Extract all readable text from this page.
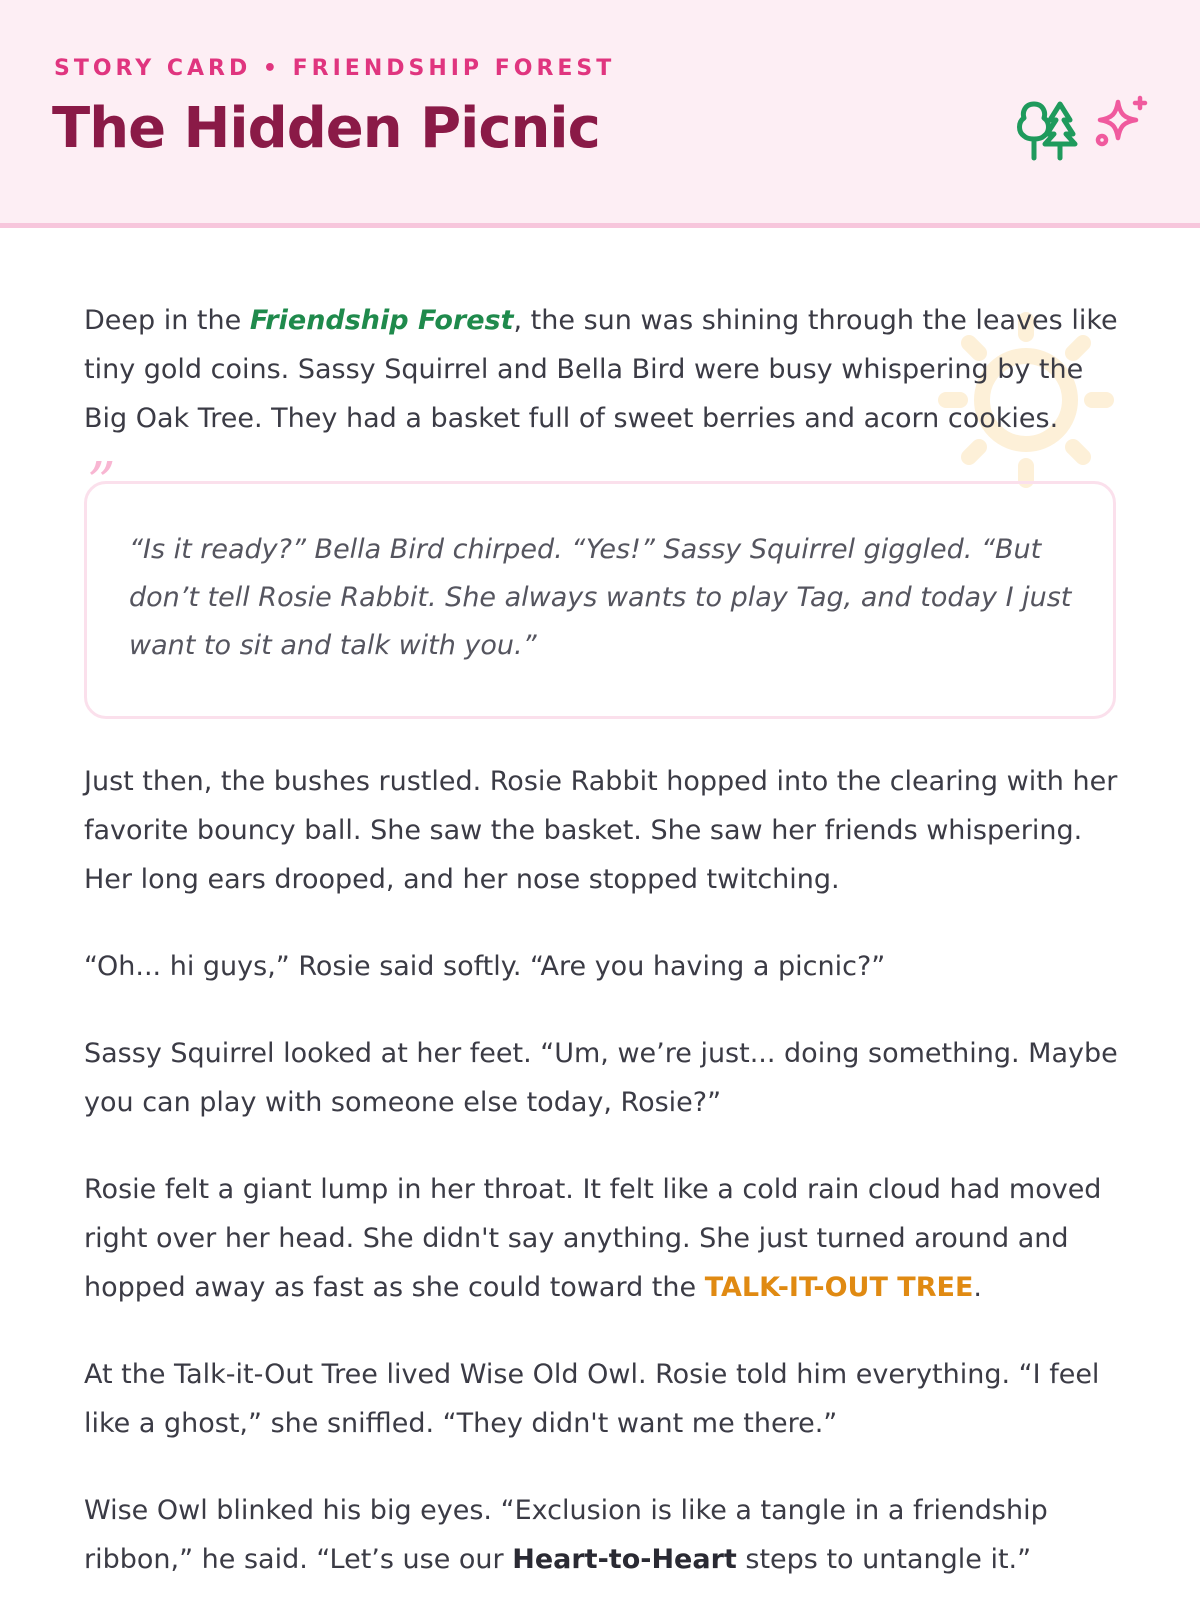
STORY CARD • FRIENDSHIP FOREST
The Hidden Picnic

Deep in the Friendship Forest, the sun was shining through the leaves like tiny gold coins. Sassy Squirrel and Bella Bird were busy whispering by the Big Oak Tree. They had a basket full of sweet berries and acorn cookies.

”

“Is it ready?” Bella Bird chirped. “Yes!” Sassy Squirrel giggled. “But don’t tell Rosie Rabbit. She always wants to play Tag, and today I just want to sit and talk with you.”

Just then, the bushes rustled. Rosie Rabbit hopped into the clearing with her favorite bouncy ball. She saw the basket. She saw her friends whispering. Her long ears drooped, and her nose stopped twitching.

“Oh... hi guys,” Rosie said softly. “Are you having a picnic?”

Sassy Squirrel looked at her feet. “Um, we’re just... doing something. Maybe you can play with someone else today, Rosie?”

Rosie felt a giant lump in her throat. It felt like a cold rain cloud had moved right over her head. She didn't say anything. She just turned around and hopped away as fast as she could toward the TALK-IT-OUT TREE.

At the Talk-it-Out Tree lived Wise Old Owl. Rosie told him everything. “I feel like a ghost,” she sniffled. “They didn't want me there.”

Wise Owl blinked his big eyes. “Exclusion is like a tangle in a friendship ribbon,” he said. “Let’s use our Heart-to-Heart steps to untangle it.”
